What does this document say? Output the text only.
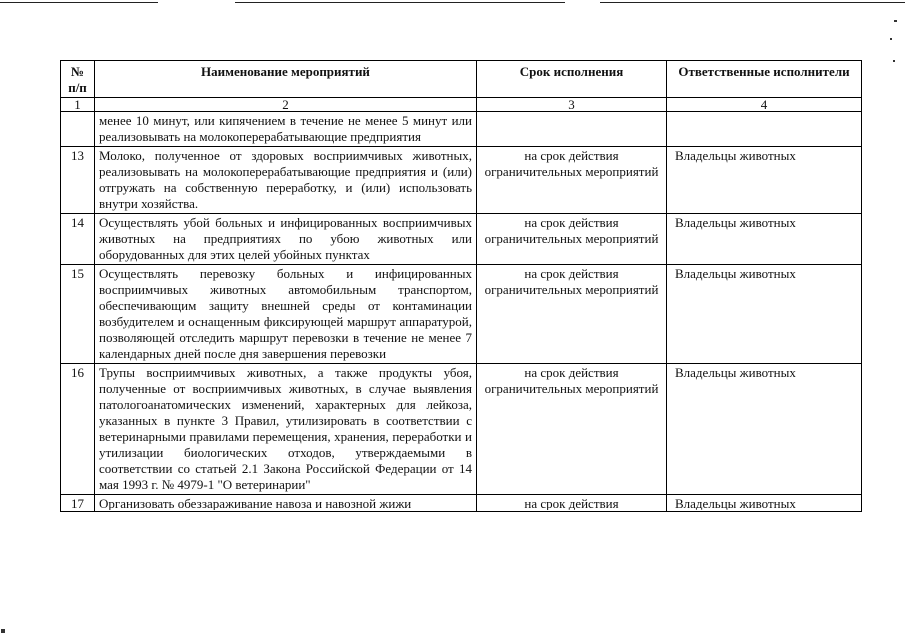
№ п/п	Наименование мероприятий	Срок исполнения	Ответственные исполнители
1	2	3	4
	менее 10 минут, или кипячением в течение не менее 5 минут или реализовывать на молокоперерабатывающие предприятия		
13	Молоко, полученное от здоровых восприимчивых животных, реализовывать на молокоперерабатывающие предприятия и (или) отгружать на собственную переработку, и (или) использовать внутри хозяйства.	на срок действия ограничительных мероприятий	Владельцы животных
14	Осуществлять убой больных и инфицированных восприимчивых животных на предприятиях по убою животных или оборудованных для этих целей убойных пунктах	на срок действия ограничительных мероприятий	Владельцы животных
15	Осуществлять перевозку больных и инфицированных восприимчивых животных автомобильным транспортом, обеспечивающим защиту внешней среды от контаминации возбудителем и оснащенным фиксирующей маршрут аппаратурой, позволяющей отследить маршрут перевозки в течение не менее 7 календарных дней после дня завершения перевозки	на срок действия ограничительных мероприятий	Владельцы животных
16	Трупы восприимчивых животных, а также продукты убоя, полученные от восприимчивых животных, в случае выявления патологоанатомических изменений, характерных для лейкоза, указанных в пункте 3 Правил, утилизировать в соответствии с ветеринарными правилами перемещения, хранения, переработки и утилизации биологических отходов, утверждаемыми в соответствии со статьей 2.1 Закона Российской Федерации от 14 мая 1993 г. № 4979-1 "О ветеринарии"	на срок действия ограничительных мероприятий	Владельцы животных

17	Организовать обеззараживание навоза и навозной жижи	на срок действия	Владельцы животных
